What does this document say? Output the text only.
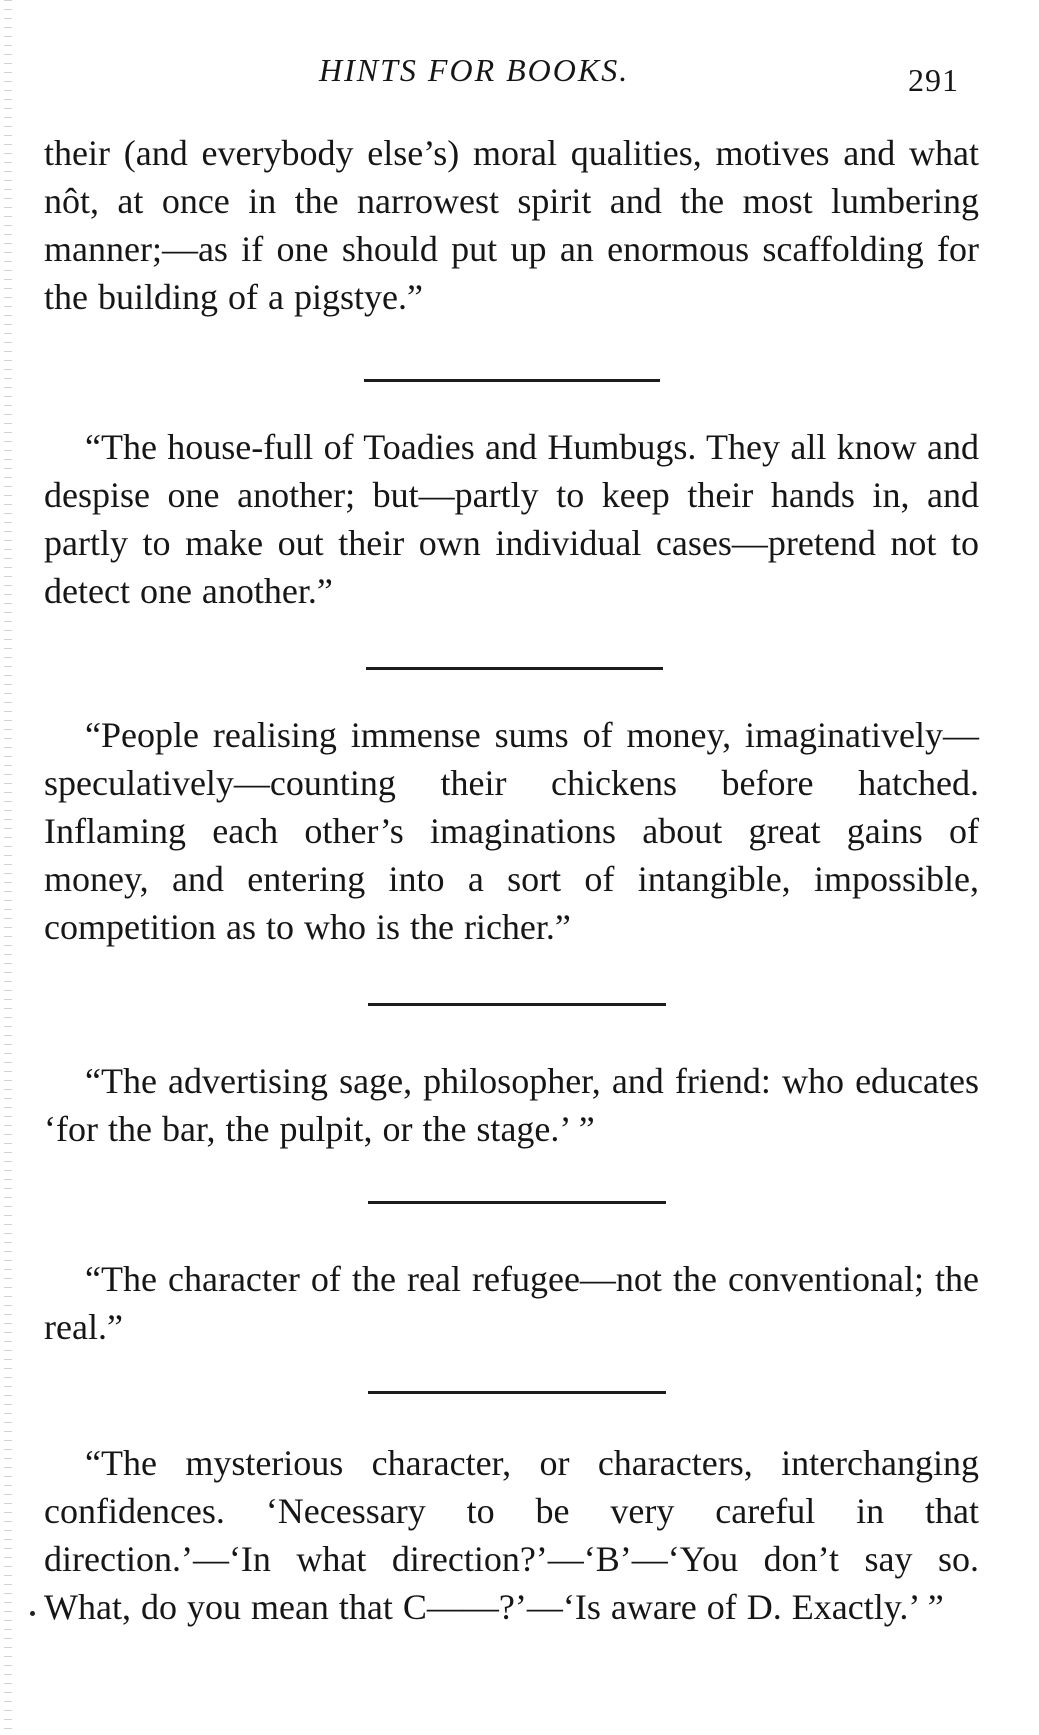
HINTS FOR BOOKS.	291

their (and everybody else’s) moral qualities, motives and what nôt, at once in the narrowest spirit and the most lumbering manner;—as if one should put up an enormous scaffolding for the building of a pigstye.”

“The house-full of Toadies and Humbugs. They all know and despise one another; but—partly to keep their hands in, and partly to make out their own individual cases—pretend not to detect one another.”

“People realising immense sums of money, imaginatively—speculatively—counting their chickens before hatched. Inflaming each other’s imaginations about great gains of money, and entering into a sort of intangible, impossible, competition as to who is the richer.”

“The advertising sage, philosopher, and friend: who educates ‘for the bar, the pulpit, or the stage.’ ”

“The character of the real refugee—not the conventional; the real.”

“The mysterious character, or characters, interchanging confidences. ‘Necessary to be very careful in that direction.’—‘In what direction?’—‘B’—‘You don’t say so. What, do you mean that C——?’—‘Is aware of D. Exactly.’ ”
